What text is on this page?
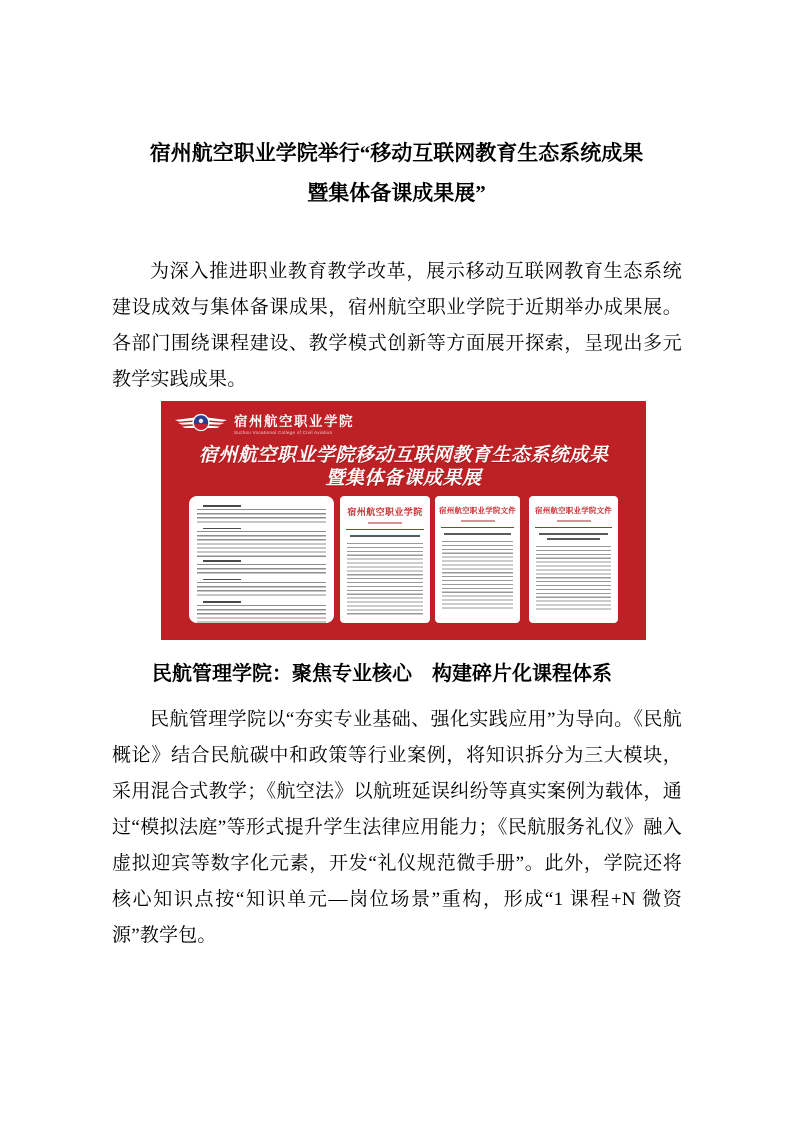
宿州航空职业学院举行“移动互联网教育生态系统成果
暨集体备课成果展”
为深入推进职业教育教学改革，展示移动互联网教育生态系统建设成效与集体备课成果，宿州航空职业学院于近期举办成果展。各部门围绕课程建设、教学模式创新等方面展开探索，呈现出多元教学实践成果。
宿州航空职业学院
Suzhou Vocational College of Civil Aviation
宿州航空职业学院移动互联网教育生态系统成果
暨集体备课成果展
宿州航空职业学院	宿州航空职业学院文件	宿州航空职业学院文件
民航管理学院：聚焦专业核心　构建碎片化课程体系
民航管理学院以“夯实专业基础、强化实践应用”为导向。《民航概论》结合民航碳中和政策等行业案例，将知识拆分为三大模块，采用混合式教学；《航空法》以航班延误纠纷等真实案例为载体，通过“模拟法庭”等形式提升学生法律应用能力；《民航服务礼仪》融入虚拟迎宾等数字化元素，开发“礼仪规范微手册”。此外，学院还将核心知识点按“知识单元—岗位场景”重构，形成“1 课程+N 微资源”教学包。
